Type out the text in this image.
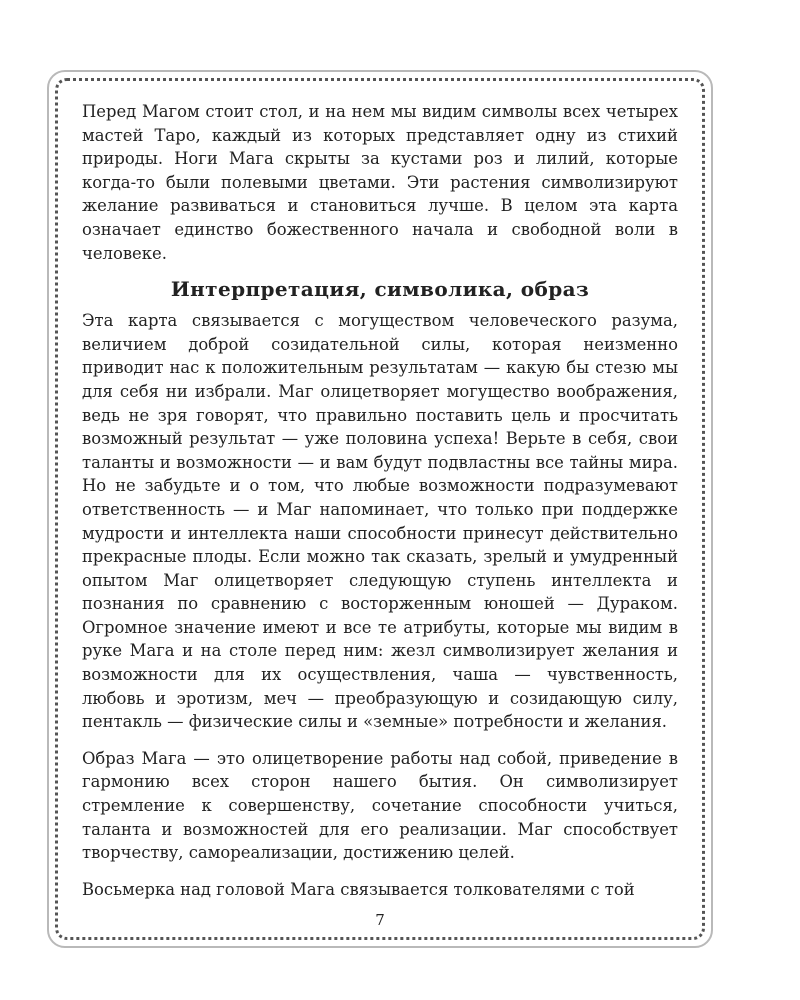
Перед Магом стоит стол, и на нем мы видим символы всех четырех мастей Таро, каждый из которых представляет одну из стихий природы. Ноги Мага скрыты за кустами роз и лилий, которые когда-то были полевыми цветами. Эти растения символизируют желание развиваться и становиться лучше. В целом эта карта означает единство божественного начала и свободной воли в человеке.

Интерпретация, символика, образ

Эта карта связывается с могуществом человеческого разума, величием доброй созидательной силы, которая неизменно приводит нас к положительным результатам — какую бы стезю мы для себя ни избрали. Маг олицетворяет могущество воображения, ведь не зря говорят, что правильно поставить цель и просчитать возможный результат — уже половина успеха! Верьте в себя, свои таланты и возможности — и вам будут подвластны все тайны мира. Но не забудьте и о том, что любые возможности подразумевают ответственность — и Маг напоминает, что только при поддержке мудрости и интеллекта наши способности принесут действительно прекрасные плоды. Если можно так сказать, зрелый и умудренный опытом Маг олицетворяет следующую ступень интеллекта и познания по сравнению с восторженным юношей — Дураком. Огромное значение имеют и все те атрибуты, которые мы видим в руке Мага и на столе перед ним: жезл символизирует желания и возможности для их осуществления, чаша — чувственность, любовь и эротизм, меч — преобразующую и созидающую силу, пентакль — физические силы и «земные» потребности и желания.

Образ Мага — это олицетворение работы над собой, приведение в гармонию всех сторон нашего бытия. Он символизирует стремление к совершенству, сочетание способности учиться, таланта и возможностей для его реализации. Маг способствует творчеству, самореализации, достижению целей.

Восьмерка над головой Мага связывается толкователями с той

7
